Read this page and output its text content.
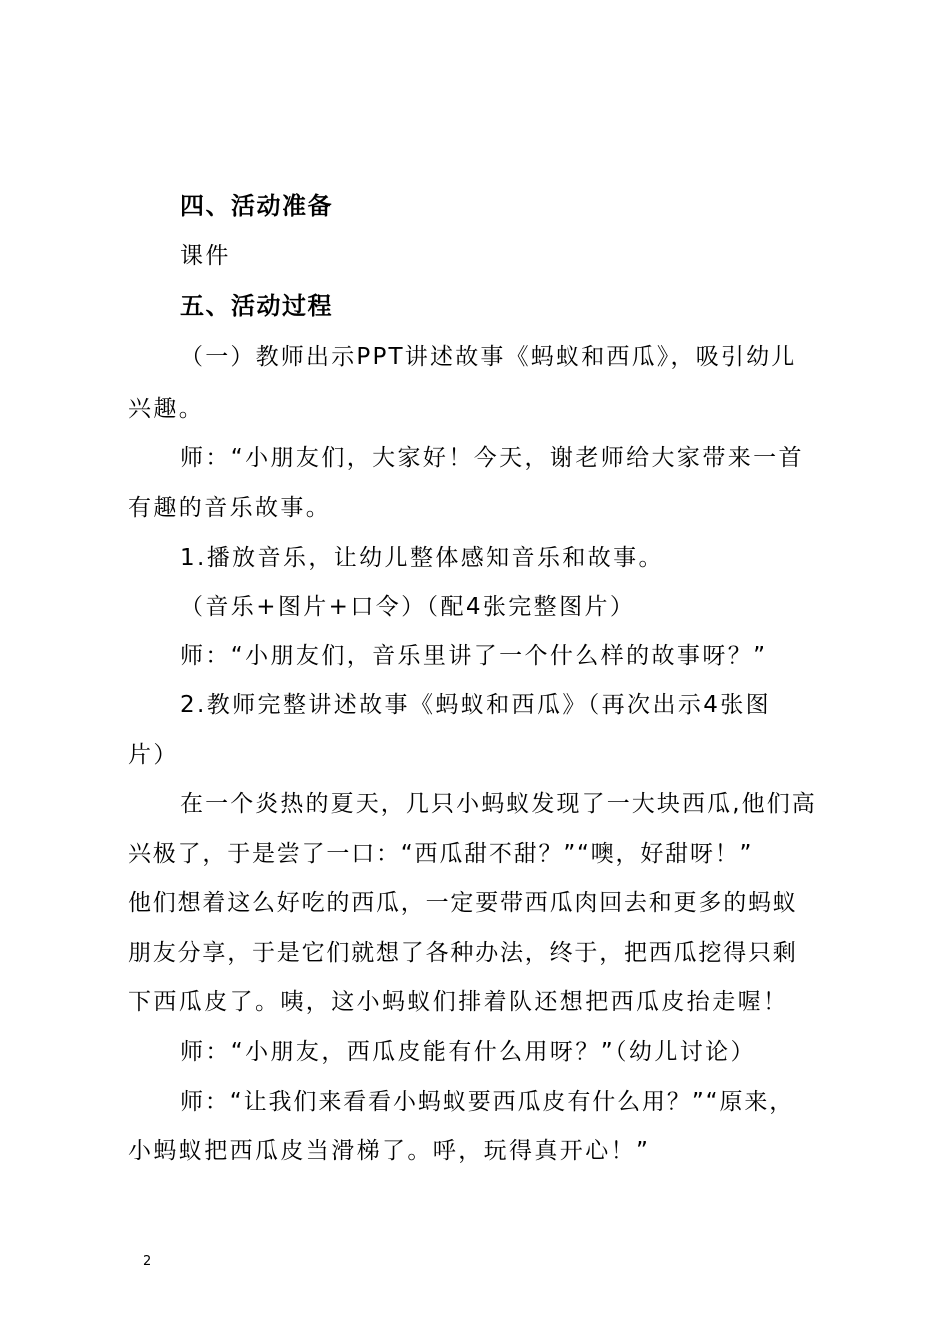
四、活动准备
课件
五、活动过程
（一）教师出示PPT讲述故事《蚂蚁和西瓜》，吸引幼儿
兴趣。
师：“小朋友们，大家好！今天，谢老师给大家带来一首
有趣的音乐故事。
1.播放音乐，让幼儿整体感知音乐和故事。
（音乐+图片+口令）（配4张完整图片）
师：“小朋友们，音乐里讲了一个什么样的故事呀？”
2.教师完整讲述故事《蚂蚁和西瓜》（再次出示4张图
片）
在一个炎热的夏天，几只小蚂蚁发现了一大块西瓜,他们高
兴极了，于是尝了一口：“西瓜甜不甜？”“噢，好甜呀！”
他们想着这么好吃的西瓜，一定要带西瓜肉回去和更多的蚂蚁
朋友分享，于是它们就想了各种办法，终于，把西瓜挖得只剩
下西瓜皮了。咦，这小蚂蚁们排着队还想把西瓜皮抬走喔！
师：“小朋友，西瓜皮能有什么用呀？”（幼儿讨论）
师：“让我们来看看小蚂蚁要西瓜皮有什么用？”“原来，
小蚂蚁把西瓜皮当滑梯了。呼，玩得真开心！”
2
